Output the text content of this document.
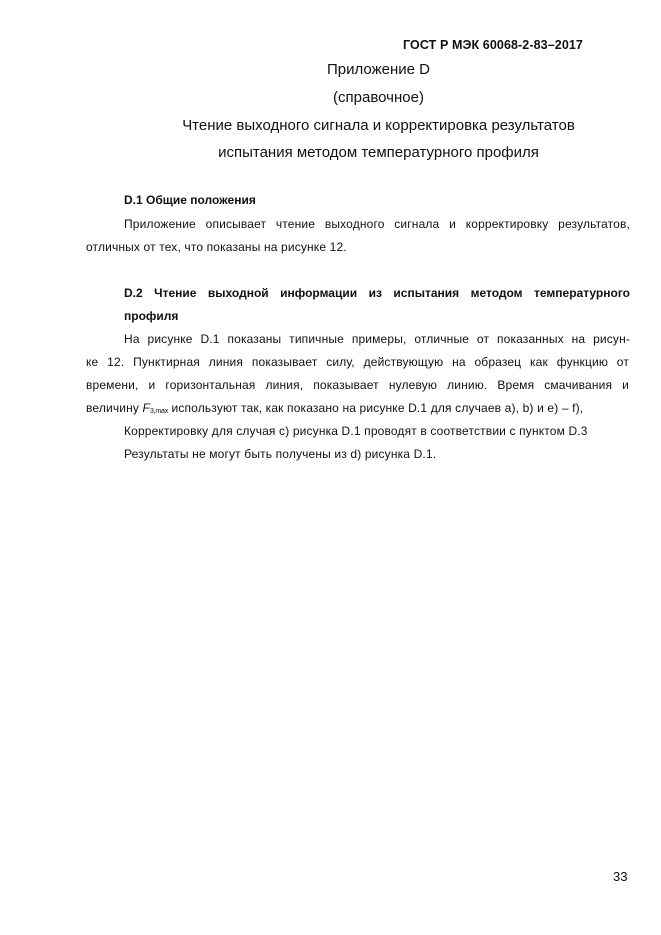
ГОСТ Р МЭК 60068-2-83–2017
Приложение D
(справочное)
Чтение выходного сигнала и корректировка результатов
испытания методом температурного профиля
D.1 Общие положения
Приложение описывает чтение выходного сигнала и корректировку результатов,
отличных от тех, что показаны на рисунке 12.
D.2 Чтение выходной информации из испытания методом температурного
профиля
На рисунке D.1 показаны типичные примеры, отличные от показанных на рисун-
ке 12. Пунктирная линия показывает силу, действующую на образец как функцию от
времени, и горизонтальная линия, показывает нулевую линию. Время смачивания и
величину $F_{3,max}$ используют так, как показано на рисунке D.1 для случаев a), b) и e) – f),
Корректировку для случая c) рисунка D.1 проводят в соответствии с пунктом D.3
Результаты не могут быть получены из d) рисунка D.1.
33
